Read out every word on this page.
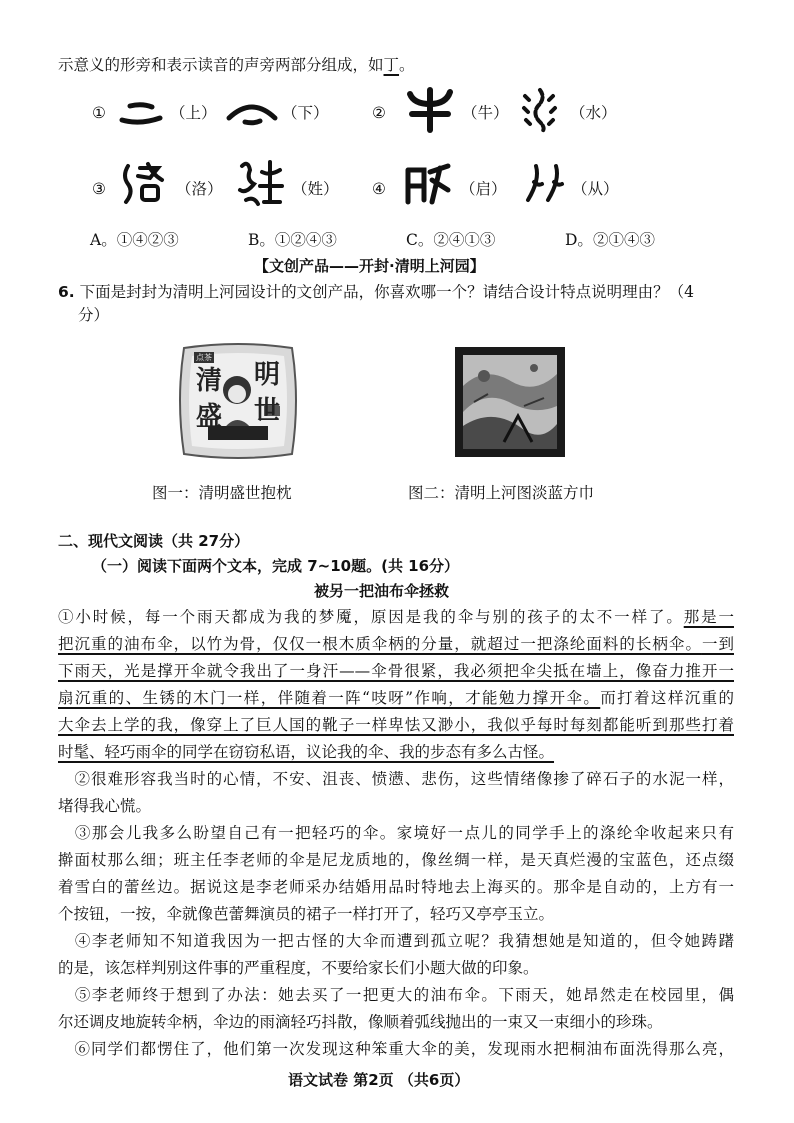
示意义的形旁和表示读音的声旁两部分组成，如丁。
①	（上）	（下）	②	（牛）	（水）
③	（洛）	（姓） ④	（启）	（从）
A。①④②③	B。①②④③	C。②④①③	D。②①④③
【文创产品——开封·清明上河园】
6. 下面是封封为清明上河园设计的文创产品，你喜欢哪一个？请结合设计特点说明理由？（4
分）
点茶
清 明
盛 世
图一：清明盛世抱枕	图二：清明上河图淡蓝方巾
二、现代文阅读（共 27分）
（一）阅读下面两个文本，完成 7~10题。(共 16分）
被另一把油布伞拯救
①小时候，每一个雨天都成为我的梦魇，原因是我的伞与别的孩子的太不一样了。那是一
把沉重的油布伞，以竹为骨，仅仅一根木质伞柄的分量，就超过一把涤纶面料的长柄伞。一到
下雨天，光是撑开伞就令我出了一身汗——伞骨很紧，我必须把伞尖抵在墙上，像奋力推开一
扇沉重的、生锈的木门一样，伴随着一阵“吱呀”作响，才能勉力撑开伞。而打着这样沉重的
大伞去上学的我，像穿上了巨人国的靴子一样卑怯又渺小，我似乎每时每刻都能听到那些打着
时髦、轻巧雨伞的同学在窃窃私语，议论我的伞、我的步态有多么古怪。
　②很难形容我当时的心情，不安、沮丧、愤懑、悲伤，这些情绪像掺了碎石子的水泥一样，
堵得我心慌。
　③那会儿我多么盼望自己有一把轻巧的伞。家境好一点儿的同学手上的涤纶伞收起来只有
擀面杖那么细；班主任李老师的伞是尼龙质地的，像丝绸一样，是天真烂漫的宝蓝色，还点缀
着雪白的蕾丝边。据说这是李老师采办结婚用品时特地去上海买的。那伞是自动的，上方有一
个按钮，一按，伞就像芭蕾舞演员的裙子一样打开了，轻巧又亭亭玉立。
　④李老师知不知道我因为一把古怪的大伞而遭到孤立呢？我猜想她是知道的，但令她踌躇
的是，该怎样判别这件事的严重程度，不要给家长们小题大做的印象。
　⑤李老师终于想到了办法：她去买了一把更大的油布伞。下雨天，她昂然走在校园里，偶
尔还调皮地旋转伞柄，伞边的雨滴轻巧抖散，像顺着弧线抛出的一束又一束细小的珍珠。
　⑥同学们都愣住了，他们第一次发现这种笨重大伞的美，发现雨水把桐油布面洗得那么亮，
语文试卷 第2页 （共6页）
